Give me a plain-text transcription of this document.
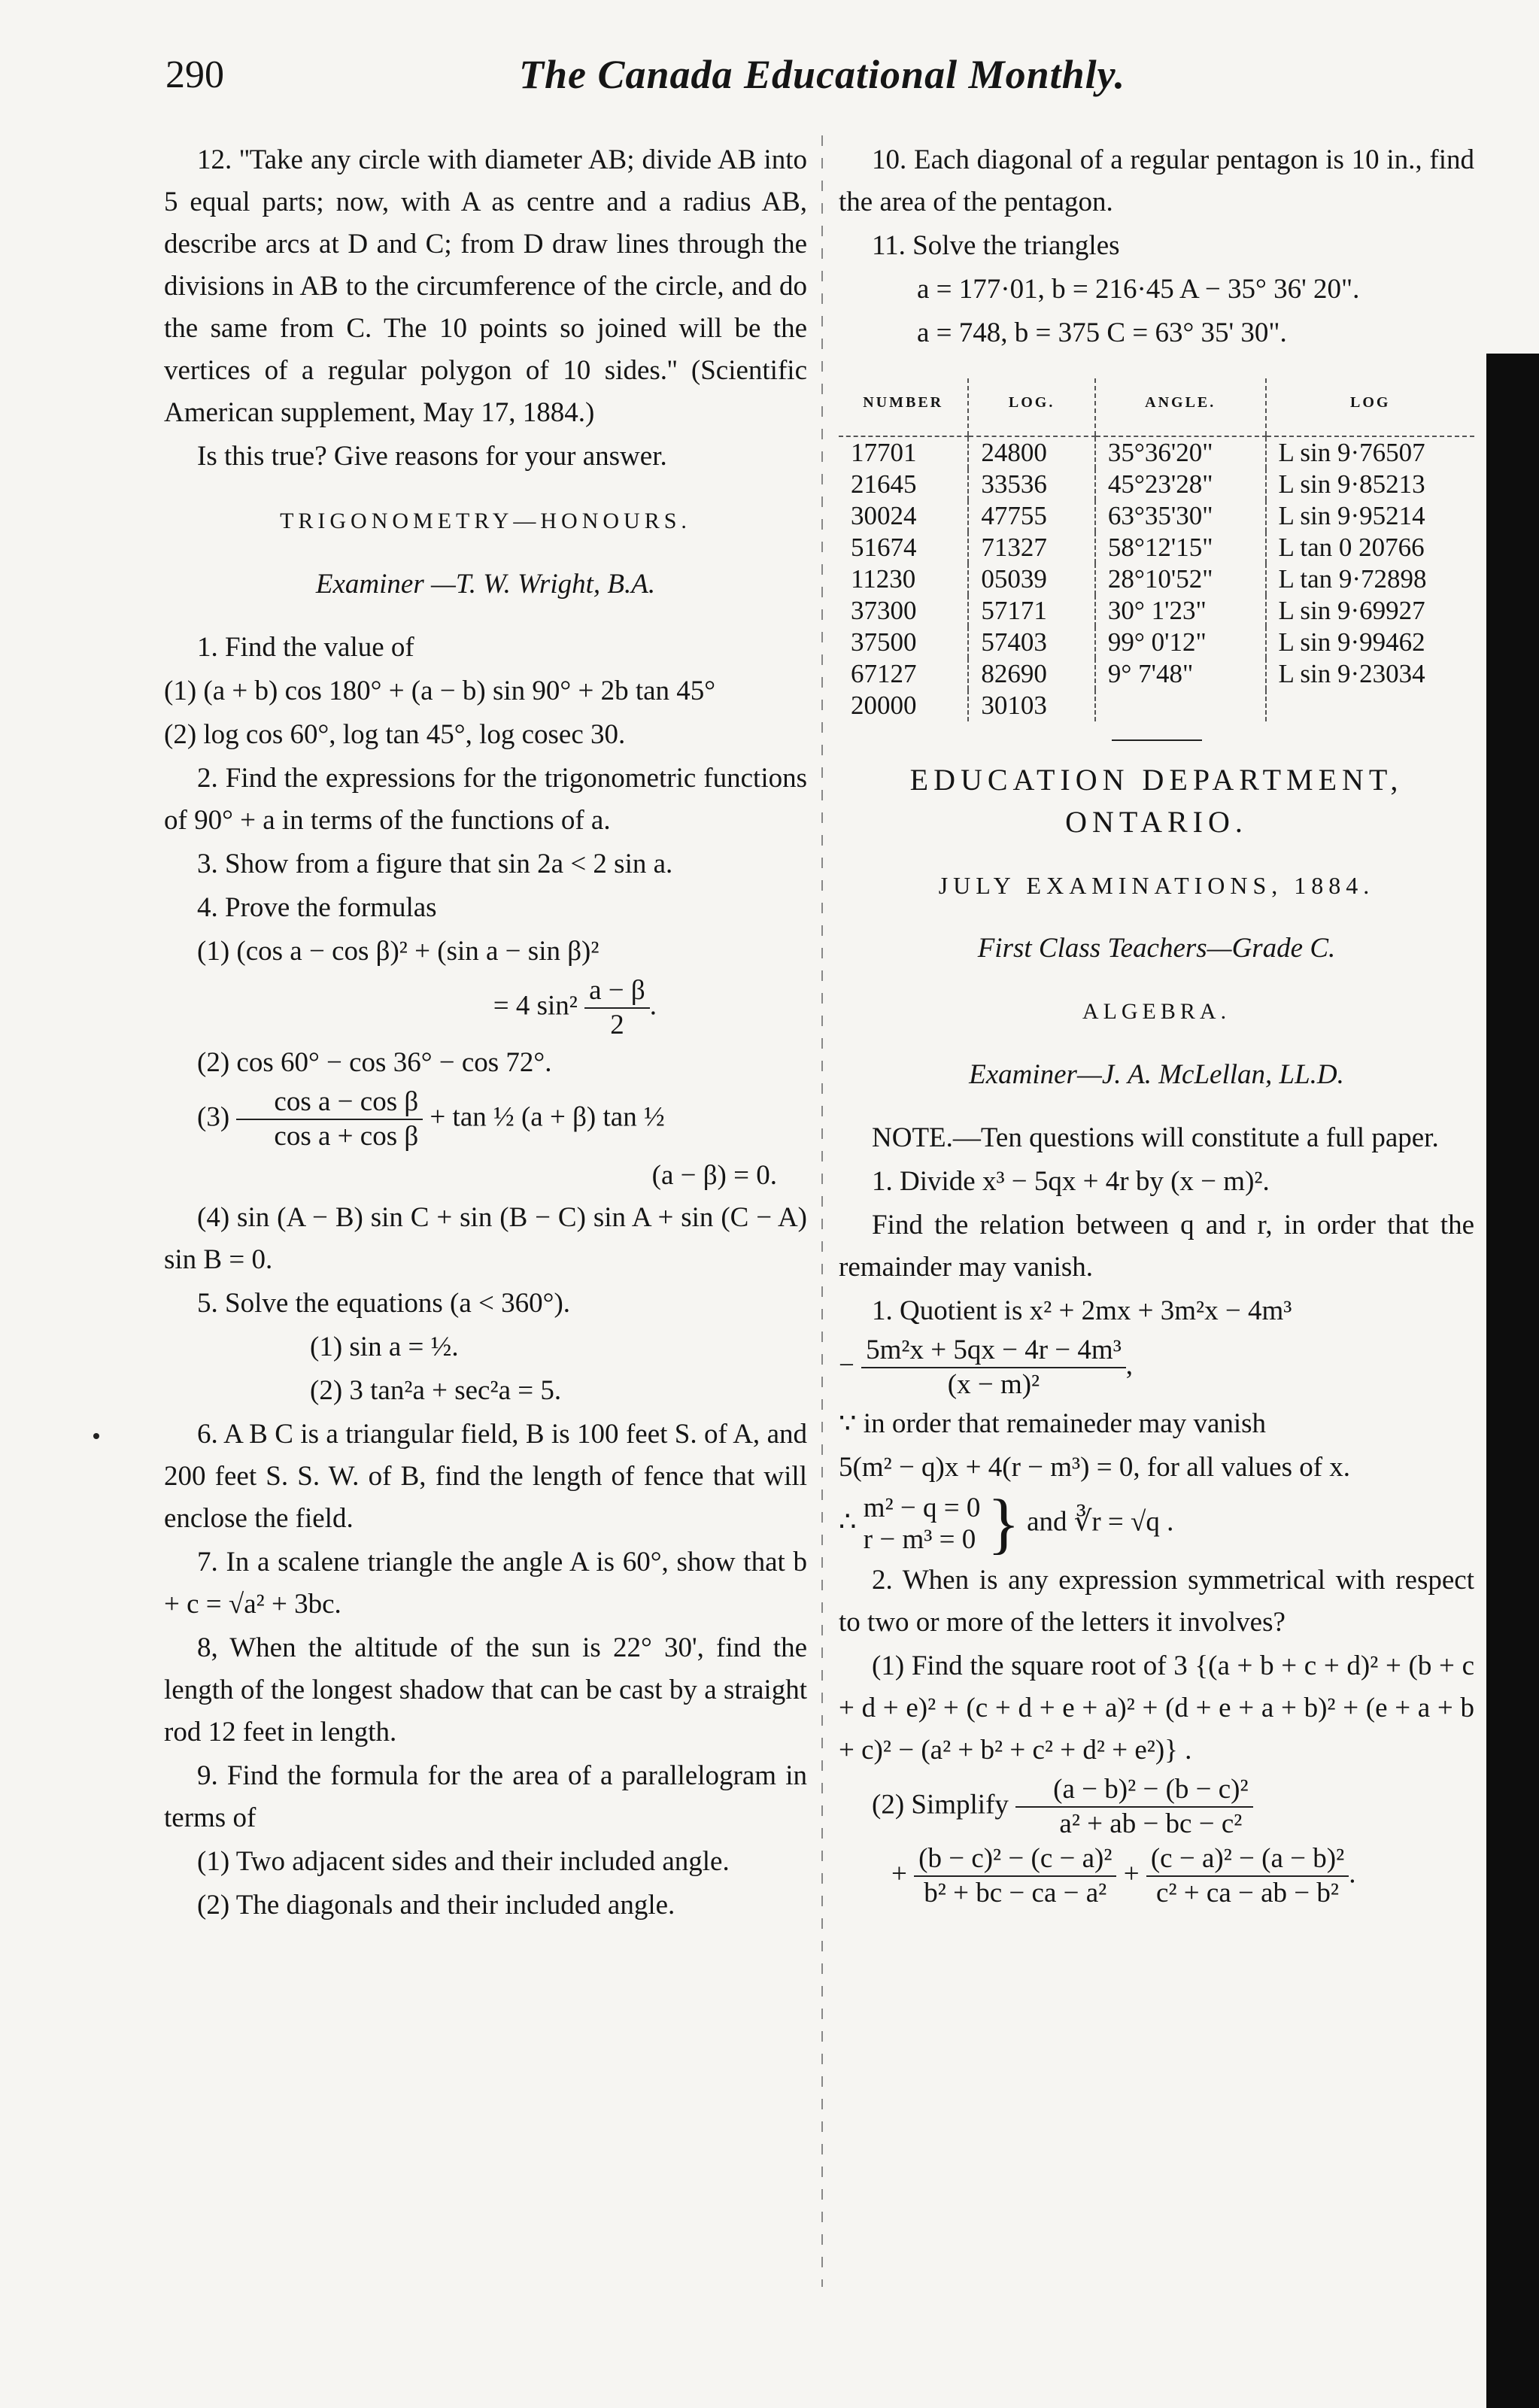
290	The Canada Educational Monthly.

12. ''Take any circle with diameter AB; divide AB into 5 equal parts; now, with A as centre and a radius AB, describe arcs at D and C; from D draw lines through the divisions in AB to the circumference of the circle, and do the same from C. The 10 points so joined will be the vertices of a regular polygon of 10 sides.'' (Scientific American supplement, May 17, 1884.)

Is this true? Give reasons for your answer.

TRIGONOMETRY—HONOURS.

Examiner —T. W. Wright, B.A.

1. Find the value of

(1) (a + b) cos 180° + (a − b) sin 90° + 2b tan 45°

(2) log cos 60°, log tan 45°, log cosec 30.

2. Find the expressions for the trigonometric functions of 90° + a in terms of the functions of a.

3. Show from a figure that sin 2a < 2 sin a.

4. Prove the formulas

(1) (cos a − cos β)² + (sin a − sin β)²

= 4 $\sin^2 \frac{a - \beta}{2}$ .

(2) cos 60° − cos 36° − cos 72°.

$(3) \frac{\text{cos a − cos β}}{\text{cos a + cos β}} + \tan$ ½ (a + β) tan ½

(a − β) = 0.

(4) sin (A − B) sin C + sin (B − C) sin A + sin (C − A) sin B = 0.

5. Solve the equations (a < 360°).

(1) sin a = ½.

(2) 3 tan²a + sec²a = 5.

6. A B C is a triangular field, B is 100 feet S. of A, and 200 feet S. S. W. of B, find the length of fence that will enclose the field.

7. In a scalene triangle the angle A is 60°, show that b + c = √a² + 3bc.

8, When the altitude of the sun is 22° 30', find the length of the longest shadow that can be cast by a straight rod 12 feet in length.

9. Find the formula for the area of a parallelogram in terms of

(1) Two adjacent sides and their included angle.

(2) The diagonals and their included angle.

10. Each diagonal of a regular pentagon is 10 in., find the area of the pentagon.

11. Solve the triangles

a = 177·01, b = 216·45 A − 35° 36' 20".

a = 748, b = 375 C = 63° 35' 30".

NUMBER	LOG.	ANGLE.	LOG
17701	24800	35°36'20"	L sin 9·76507
21645	33536	45°23'28"	L sin 9·85213
30024	47755	63°35'30"	L sin 9·95214
51674	71327	58°12'15"	L tan 0 20766
11230	05039	28°10'52"	L tan 9·72898
37300	57171	30° 1'23"	L sin 9·69927
37500	57403	99° 0'12"	L sin 9·99462
67127	82690	9° 7'48"	L sin 9·23034
20000	30103		

EDUCATION DEPARTMENT,

ONTARIO.

JULY EXAMINATIONS, 1884.

First Class Teachers—Grade C.

ALGEBRA.

Examiner—J. A. McLellan, LL.D.

NOTE.—Ten questions will constitute a full paper.

1. Divide x³ − 5qx + 4r by (x − m)².

Find the relation between q and r, in order that the remainder may vanish.

1. Quotient is x² + 2mx + 3m²x − 4m³

− $\frac{\text{5m²x + 5qx − 4r − 4m³}}{\text{(x − m)²}}$ ,

∵ in order that remaineder may vanish

5(m² − q)x + 4(r − m³) = 0, for all values of x.

∴ m² − q = 0
r − m³ = 0 } and ∛r = √q .

2. When is any expression symmetrical with respect to two or more of the letters it involves?

(1) Find the square root of 3 {(a + b + c + d)² + (b + c + d + e)² + (c + d + e + a)² + (d + e + a + b)² + (e + a + b + c)² − (a² + b² + c² + d² + e²)} .

(2) Simplify $\frac{\text{(a − b)² − (b − c)²}}{\text{a² + ab − bc − c²}}$

+ $\frac{\text{(b − c)² − (c − a)²}}{\text{b² + bc − ca − a²}} + \frac{\text{(c − a)² − (a − b)²}}{\text{c² + ca − ab − b²}}$ .
